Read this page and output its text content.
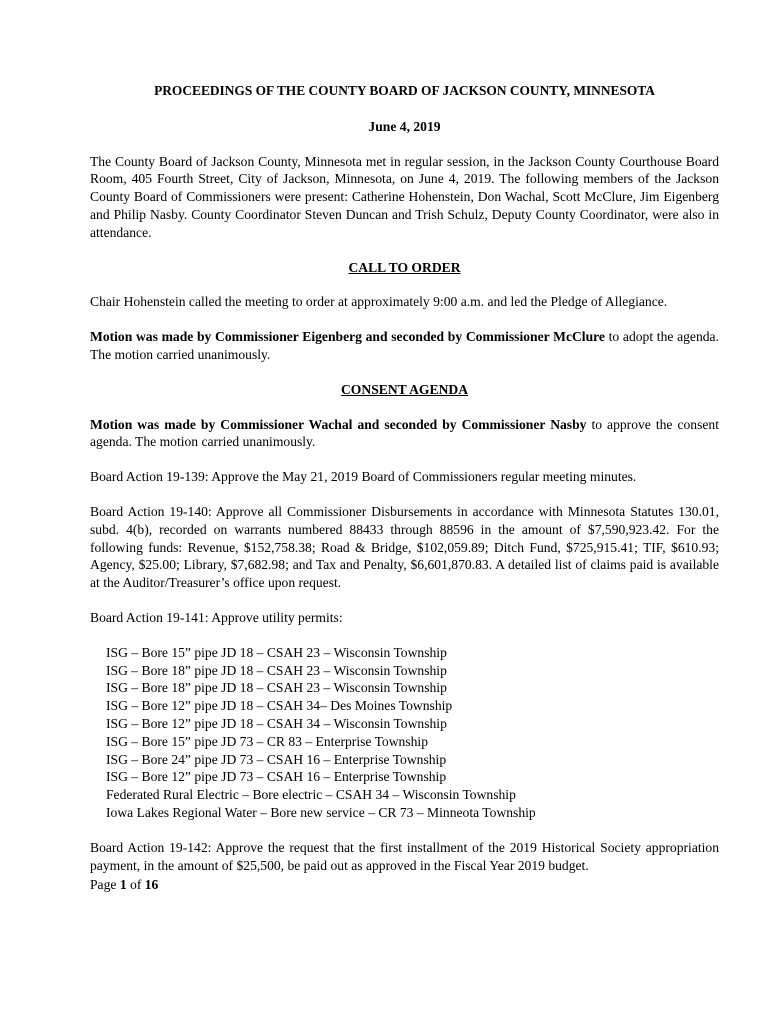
PROCEEDINGS OF THE COUNTY BOARD OF JACKSON COUNTY, MINNESOTA

June 4, 2019

The County Board of Jackson County, Minnesota met in regular session, in the Jackson County Courthouse Board Room, 405 Fourth Street, City of Jackson, Minnesota, on June 4, 2019. The following members of the Jackson County Board of Commissioners were present: Catherine Hohenstein, Don Wachal, Scott McClure, Jim Eigenberg and Philip Nasby. County Coordinator Steven Duncan and Trish Schulz, Deputy County Coordinator, were also in attendance.

CALL TO ORDER

Chair Hohenstein called the meeting to order at approximately 9:00 a.m. and led the Pledge of Allegiance.

Motion was made by Commissioner Eigenberg and seconded by Commissioner McClure to adopt the agenda. The motion carried unanimously.

CONSENT AGENDA

Motion was made by Commissioner Wachal and seconded by Commissioner Nasby to approve the consent agenda. The motion carried unanimously.

Board Action 19-139: Approve the May 21, 2019 Board of Commissioners regular meeting minutes.

Board Action 19-140: Approve all Commissioner Disbursements in accordance with Minnesota Statutes 130.01, subd. 4(b), recorded on warrants numbered 88433 through 88596 in the amount of $7,590,923.42. For the following funds: Revenue, $152,758.38; Road & Bridge, $102,059.89; Ditch Fund, $725,915.41; TIF, $610.93; Agency, $25.00; Library, $7,682.98; and Tax and Penalty, $6,601,870.83. A detailed list of claims paid is available at the Auditor/Treasurer’s office upon request.

Board Action 19-141: Approve utility permits:

ISG – Bore 15” pipe JD 18 – CSAH 23 – Wisconsin Township
ISG – Bore 18” pipe JD 18 – CSAH 23 – Wisconsin Township
ISG – Bore 18” pipe JD 18 – CSAH 23 – Wisconsin Township
ISG – Bore 12” pipe JD 18 – CSAH 34– Des Moines Township
ISG – Bore 12” pipe JD 18 – CSAH 34 – Wisconsin Township
ISG – Bore 15” pipe JD 73 – CR 83 – Enterprise Township
ISG – Bore 24” pipe JD 73 – CSAH 16 – Enterprise Township
ISG – Bore 12” pipe JD 73 – CSAH 16 – Enterprise Township
Federated Rural Electric – Bore electric – CSAH 34 – Wisconsin Township
Iowa Lakes Regional Water – Bore new service – CR 73 – Minneota Township

Board Action 19-142: Approve the request that the first installment of the 2019 Historical Society appropriation payment, in the amount of $25,500, be paid out as approved in the Fiscal Year 2019 budget.

Page 1 of 16
